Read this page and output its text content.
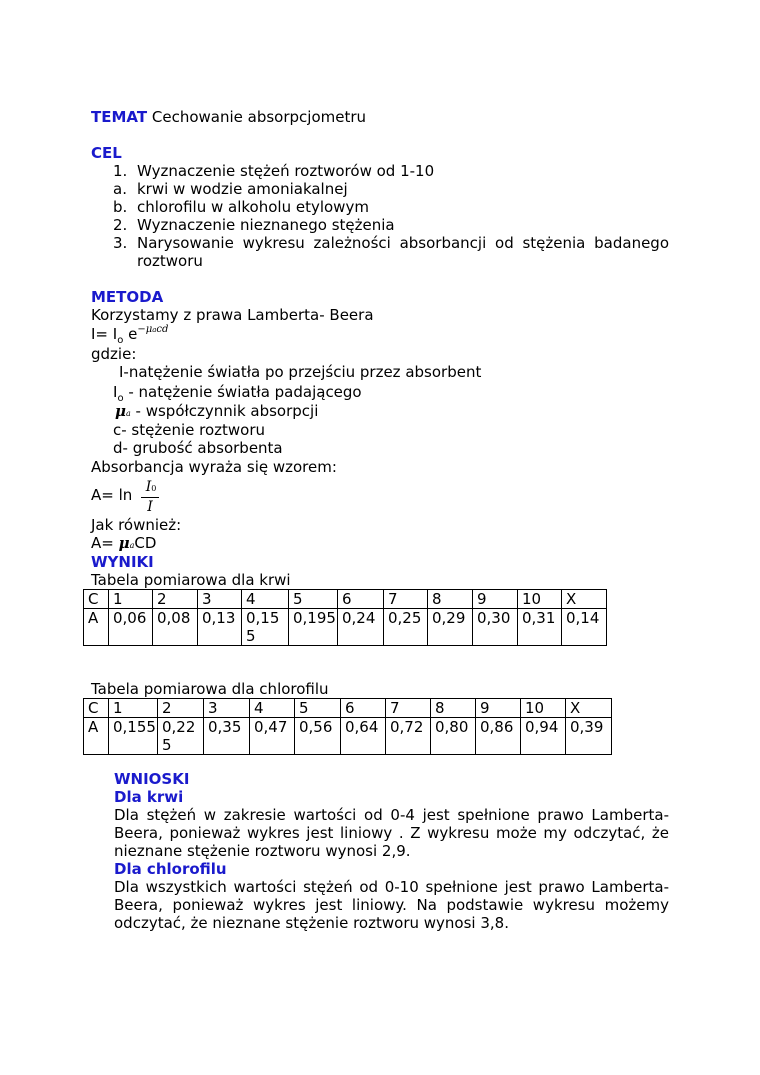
TEMAT Cechowanie absorpcjometru
CEL
1. Wyznaczenie stężeń roztworów od 1-10
a. krwi w wodzie amoniakalnej
b. chlorofilu w alkoholu etylowym
2. Wyznaczenie nieznanego stężenia
3. Narysowanie wykresu zależności absorbancji od stężenia badanego roztworu
METODA
Korzystamy z prawa Lamberta- Beera
$I= I_o$ $e^{-\mu acd}$
gdzie:
I-natężenie światła po przejściu przez absorbent
$I_o$ - natężenie światła padającego
μa - współczynnik absorpcji
c- stężenie roztworu
d- grubość absorbenta
Absorbancja wyraża się wzorem:
A= ln I0
I
Jak również:
A= μaCD
WYNIKI
Tabela pomiarowa dla krwi
C	1	2	3	4	5	6	7	8	9	10	X
A	0,06	0,08	0,13	0,155	0,195	0,24	0,25	0,29	0,30	0,31	0,14
Tabela pomiarowa dla chlorofilu
C	1	2	3	4	5	6	7	8	9	10	X
A	0,155	0,225	0,35	0,47	0,56	0,64	0,72	0,80	0,86	0,94	0,39
WNIOSKI
Dla krwi
Dla stężeń w zakresie wartości od 0-4 jest spełnione prawo Lamberta-Beera, ponieważ wykres jest liniowy . Z wykresu może my odczytać, że nieznane stężenie roztworu wynosi 2,9.
Dla chlorofilu
Dla wszystkich wartości stężeń od 0-10 spełnione jest prawo Lamberta-Beera, ponieważ wykres jest liniowy. Na podstawie wykresu możemy odczytać, że nieznane stężenie roztworu wynosi 3,8.
